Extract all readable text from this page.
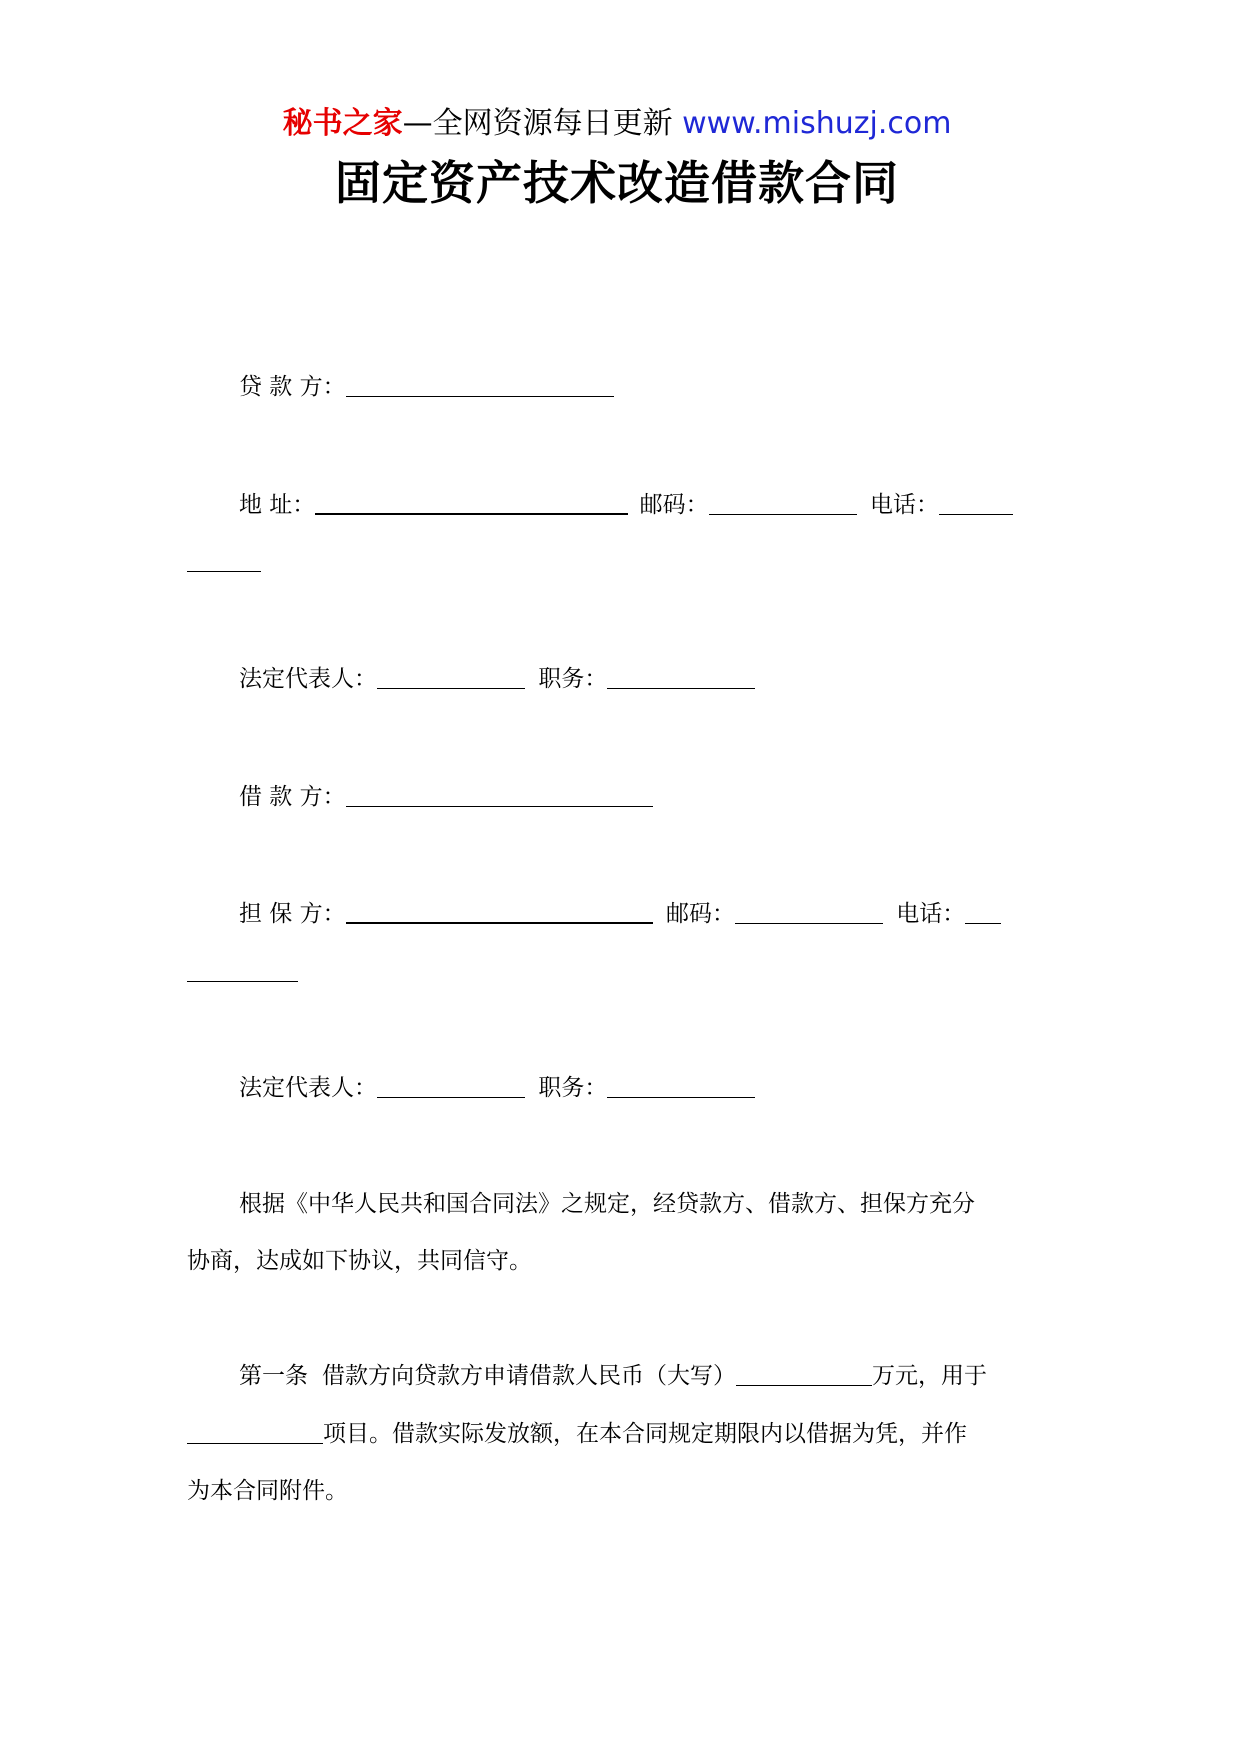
秘书之家—全网资源每日更新 www.mishuzj.com
固定资产技术改造借款合同
贷 款 方：
地 址：	邮码：	电话：
法定代表人：	职务：
借 款 方：
担 保 方：	邮码：	电话：
法定代表人：	职务：
根据《中华人民共和国合同法》之规定，经贷款方、借款方、担保方充分
协商，达成如下协议，共同信守。
第一条 借款方向贷款方申请借款人民币（大写）	万元，用于
项目。借款实际发放额，在本合同规定期限内以借据为凭，并作
为本合同附件。
